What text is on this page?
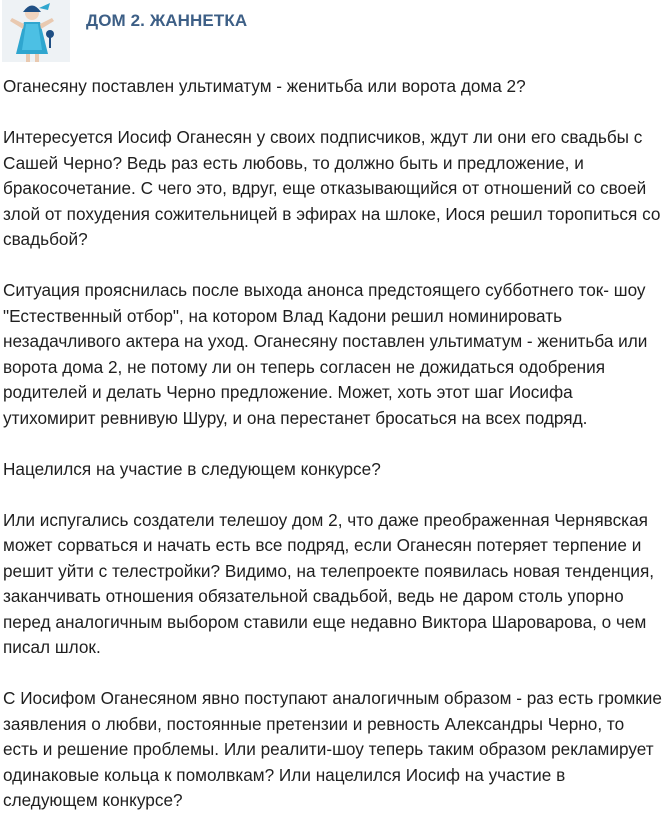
ДОМ 2. ЖАННЕТКА

Оганесяну поставлен ультиматум - женитьба или ворота дома 2?

Интересуется Иосиф Оганесян у своих подписчиков, ждут ли они его свадьбы с Сашей Черно? Ведь раз есть любовь, то должно быть и предложение, и бракосочетание. С чего это, вдруг, еще отказывающийся от отношений со своей злой от похудения сожительницей в эфирах на шлоке, Иося решил торопиться со свадьбой?

Ситуация прояснилась после выхода анонса предстоящего субботнего ток- шоу "Естественный отбор", на котором Влад Кадони решил номинировать незадачливого актера на уход. Оганесяну поставлен ультиматум - женитьба или ворота дома 2, не потому ли он теперь согласен не дожидаться одобрения родителей и делать Черно предложение. Может, хоть этот шаг Иосифа утихомирит ревнивую Шуру, и она перестанет бросаться на всех подряд.

Нацелился на участие в следующем конкурсе?

Или испугались создатели телешоу дом 2, что даже преображенная Чернявская может сорваться и начать есть все подряд, если Оганесян потеряет терпение и решит уйти с телестройки? Видимо, на телепроекте появилась новая тенденция, заканчивать отношения обязательной свадьбой, ведь не даром столь упорно перед аналогичным выбором ставили еще недавно Виктора Шароварова, о чем писал шлок.

С Иосифом Оганесяном явно поступают аналогичным образом - раз есть громкие заявления о любви, постоянные претензии и ревность Александры Черно, то есть и решение проблемы. Или реалити-шоу теперь таким образом рекламирует одинаковые кольца к помолвкам? Или нацелился Иосиф на участие в следующем конкурсе?
